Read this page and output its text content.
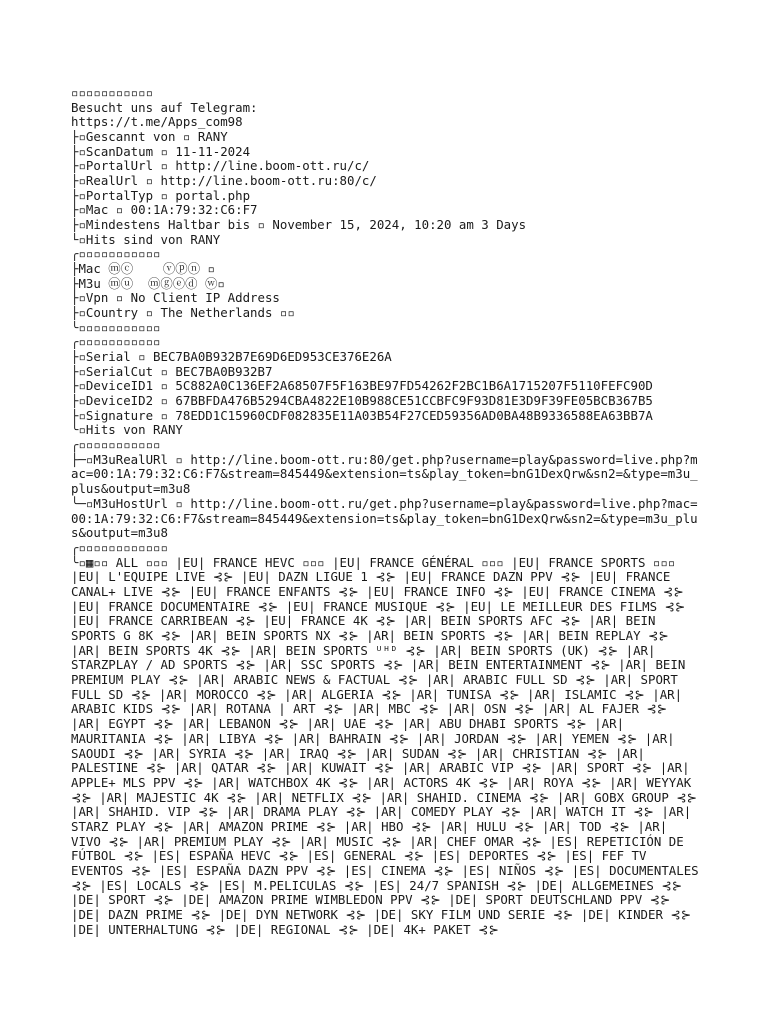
▫▫▫▫▫▫▫▫▫▫▫
Besucht uns auf Telegram:
https://t.me/Apps_com98
├▫Gescannt von ▫ RANY
├▫ScanDatum ▫ 11-11-2024
├▫PortalUrl ▫ http://line.boom-ott.ru/c/
├▫RealUrl ▫ http://line.boom-ott.ru:80/c/
├▫PortalTyp ▫ portal.php
├▫Mac ▫ 00:1A:79:32:C6:F7
├▫Mindestens Haltbar bis ▫ November 15, 2024, 10:20 am 3 Days
└▫Hits sind von RANY
╭▫▫▫▫▫▫▫▫▫▫▫
├Mac ⓜⓒ    ⓥⓟⓝ ▫
├M3u ⓜⓤ  ⓜⓖⓔⓓ ⓦ▫
├▫Vpn ▫ No Client IP Address
├▫Country ▫ The Netherlands ▫▫
╰▫▫▫▫▫▫▫▫▫▫▫
╭▫▫▫▫▫▫▫▫▫▫▫
├▫Serial ▫ BEC7BA0B932B7E69D6ED953CE376E26A
├▫SerialCut ▫ BEC7BA0B932B7
├▫DeviceID1 ▫ 5C882A0C136EF2A68507F5F163BE97FD54262F2BC1B6A1715207F5110FEFC90D
├▫DeviceID2 ▫ 67BBFDA476B5294CBA4822E10B988CE51CCBFC9F93D81E3D9F39FE05BCB367B5
├▫Signature ▫ 78EDD1C15960CDF082835E11A03B54F27CED59356AD0BA48B9336588EA63BB7A
╰▫Hits von RANY
╭▫▫▫▫▫▫▫▫▫▫▫
├─▫M3uRealURl ▫ http://line.boom-ott.ru:80/get.php?username=play&password=live.php?mac=00:1A:79:32:C6:F7&stream=845449&extension=ts&play_token=bnG1DexQrw&sn2=&type=m3u_plus&output=m3u8
╰─▫M3uHostUrl ▫ http://line.boom-ott.ru/get.php?username=play&password=live.php?mac=00:1A:79:32:C6:F7&stream=845449&extension=ts&play_token=bnG1DexQrw&sn2=&type=m3u_plus&output=m3u8
╭▫▫▫▫▫▫▫▫▫▫▫▫
╰▫▦▫▫ ALL ▫▫▫ |EU| FRANCE HEVC ▫▫▫ |EU| FRANCE GÉNÉRAL ▫▫▫ |EU| FRANCE SPORTS ▫▫▫ |EU| L'EQUIPE LIVE ⊰⊱ |EU| DAZN LIGUE 1 ⊰⊱ |EU| FRANCE DAZN PPV ⊰⊱ |EU| FRANCE CANAL+ LIVE ⊰⊱ |EU| FRANCE ENFANTS ⊰⊱ |EU| FRANCE INFO ⊰⊱ |EU| FRANCE CINEMA ⊰⊱ |EU| FRANCE DOCUMENTAIRE ⊰⊱ |EU| FRANCE MUSIQUE ⊰⊱ |EU| LE MEILLEUR DES FILMS ⊰⊱ |EU| FRANCE CARRIBEAN ⊰⊱ |EU| FRANCE 4K ⊰⊱ |AR| BEIN SPORTS AFC ⊰⊱ |AR| BEIN SPORTS G 8K ⊰⊱ |AR| BEIN SPORTS NX ⊰⊱ |AR| BEIN SPORTS ⊰⊱ |AR| BEIN REPLAY ⊰⊱ |AR| BEIN SPORTS 4K ⊰⊱ |AR| BEIN SPORTS ᵁᴴᴰ ⊰⊱ |AR| BEIN SPORTS (UK) ⊰⊱ |AR| STARZPLAY / AD SPORTS ⊰⊱ |AR| SSC SPORTS ⊰⊱ |AR| BEIN ENTERTAINMENT ⊰⊱ |AR| BEIN PREMIUM PLAY ⊰⊱ |AR| ARABIC NEWS & FACTUAL ⊰⊱ |AR| ARABIC FULL SD ⊰⊱ |AR| SPORT FULL SD ⊰⊱ |AR| MOROCCO ⊰⊱ |AR| ALGERIA ⊰⊱ |AR| TUNISA ⊰⊱ |AR| ISLAMIC ⊰⊱ |AR| ARABIC KIDS ⊰⊱ |AR| ROTANA | ART ⊰⊱ |AR| MBC ⊰⊱ |AR| OSN ⊰⊱ |AR| AL FAJER ⊰⊱ |AR| EGYPT ⊰⊱ |AR| LEBANON ⊰⊱ |AR| UAE ⊰⊱ |AR| ABU DHABI SPORTS ⊰⊱ |AR| MAURITANIA ⊰⊱ |AR| LIBYA ⊰⊱ |AR| BAHRAIN ⊰⊱ |AR| JORDAN ⊰⊱ |AR| YEMEN ⊰⊱ |AR| SAOUDI ⊰⊱ |AR| SYRIA ⊰⊱ |AR| IRAQ ⊰⊱ |AR| SUDAN ⊰⊱ |AR| CHRISTIAN ⊰⊱ |AR| PALESTINE ⊰⊱ |AR| QATAR ⊰⊱ |AR| KUWAIT ⊰⊱ |AR| ARABIC VIP ⊰⊱ |AR| SPORT ⊰⊱ |AR| APPLE+ MLS PPV ⊰⊱ |AR| WATCHBOX 4K ⊰⊱ |AR| ACTORS 4K ⊰⊱ |AR| ROYA ⊰⊱ |AR| WEYYAK ⊰⊱ |AR| MAJESTIC 4K ⊰⊱ |AR| NETFLIX ⊰⊱ |AR| SHAHID. CINEMA ⊰⊱ |AR| GOBX GROUP ⊰⊱ |AR| SHAHID. VIP ⊰⊱ |AR| DRAMA PLAY ⊰⊱ |AR| COMEDY PLAY ⊰⊱ |AR| WATCH IT ⊰⊱ |AR| STARZ PLAY ⊰⊱ |AR| AMAZON PRIME ⊰⊱ |AR| HBO ⊰⊱ |AR| HULU ⊰⊱ |AR| TOD ⊰⊱ |AR| VIVO ⊰⊱ |AR| PREMIUM PLAY ⊰⊱ |AR| MUSIC ⊰⊱ |AR| CHEF OMAR ⊰⊱ |ES| REPETICIÓN DE FÚTBOL ⊰⊱ |ES| ESPAÑA HEVC ⊰⊱ |ES| GENERAL ⊰⊱ |ES| DEPORTES ⊰⊱ |ES| FEF TV EVENTOS ⊰⊱ |ES| ESPAÑA DAZN PPV ⊰⊱ |ES| CINEMA ⊰⊱ |ES| NIÑOS ⊰⊱ |ES| DOCUMENTALES ⊰⊱ |ES| LOCALS ⊰⊱ |ES| M.PELICULAS ⊰⊱ |ES| 24/7 SPANISH ⊰⊱ |DE| ALLGEMEINES ⊰⊱ |DE| SPORT ⊰⊱ |DE| AMAZON PRIME WIMBLEDON PPV ⊰⊱ |DE| SPORT DEUTSCHLAND PPV ⊰⊱ |DE| DAZN PRIME ⊰⊱ |DE| DYN NETWORK ⊰⊱ |DE| SKY FILM UND SERIE ⊰⊱ |DE| KINDER ⊰⊱ |DE| UNTERHALTUNG ⊰⊱ |DE| REGIONAL ⊰⊱ |DE| 4K+ PAKET ⊰⊱
